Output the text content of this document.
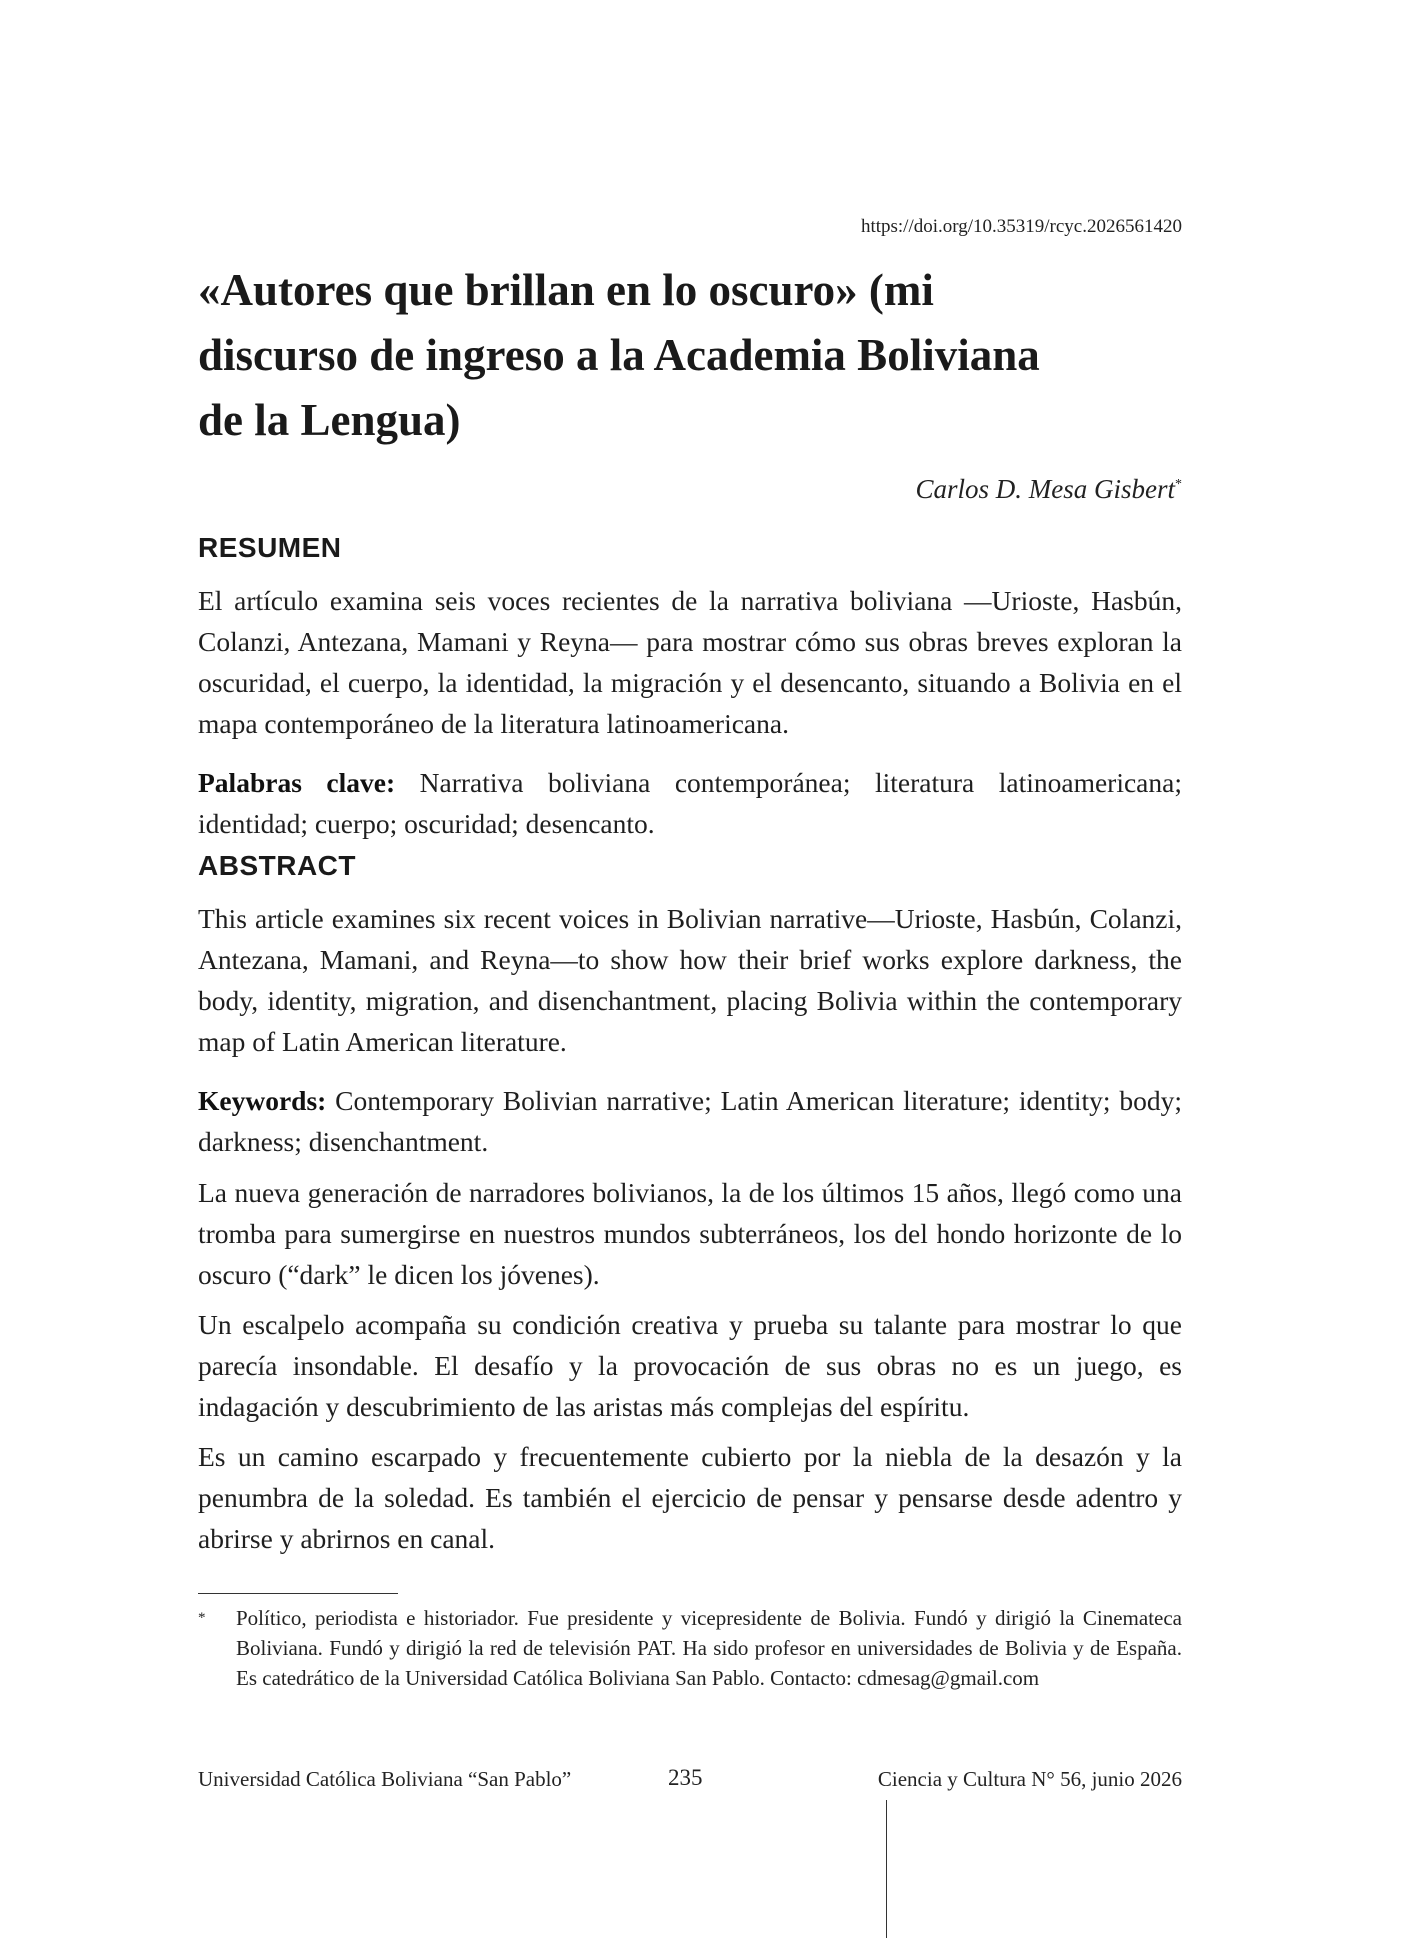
https://doi.org/10.35319/rcyc.2026561420
«Autores que brillan en lo oscuro» (mi
discurso de ingreso a la Academia Boliviana
de la Lengua)
Carlos D. Mesa Gisbert*
RESUMEN

El artículo examina seis voces recientes de la narrativa boliviana —Urioste, Hasbún, Colanzi, Antezana, Mamani y Reyna— para mostrar cómo sus obras breves exploran la oscuridad, el cuerpo, la identidad, la migración y el desencanto, situando a Bolivia en el mapa contemporáneo de la literatura latinoamericana.

Palabras clave: Narrativa boliviana contemporánea; literatura latinoamericana; identidad; cuerpo; oscuridad; desencanto.

ABSTRACT

This article examines six recent voices in Bolivian narrative—Urioste, Hasbún, Colanzi, Antezana, Mamani, and Reyna—to show how their brief works explore darkness, the body, identity, migration, and disenchantment, placing Bolivia within the contemporary map of Latin American literature.

Keywords: Contemporary Bolivian narrative; Latin American literature; identity; body; darkness; disenchantment.

La nueva generación de narradores bolivianos, la de los últimos 15 años, llegó como una tromba para sumergirse en nuestros mundos subterráneos, los del hondo horizonte de lo oscuro (“dark” le dicen los jóvenes).

Un escalpelo acompaña su condición creativa y prueba su talante para mostrar lo que parecía insondable. El desafío y la provocación de sus obras no es un juego, es indagación y descubrimiento de las aristas más complejas del espíritu.

Es un camino escarpado y frecuentemente cubierto por la niebla de la desazón y la penumbra de la soledad. Es también el ejercicio de pensar y pensarse desde adentro y abrirse y abrirnos en canal.

* Político, periodista e historiador. Fue presidente y vicepresidente de Bolivia. Fundó y dirigió la Cinemateca Boliviana. Fundó y dirigió la red de televisión PAT. Ha sido profesor en universidades de Bolivia y de España. Es catedrático de la Universidad Católica Boliviana San Pablo. Contacto: cdmesag@gmail.com
Universidad Católica Boliviana “San Pablo”	235	Ciencia y Cultura N° 56, junio 2026
